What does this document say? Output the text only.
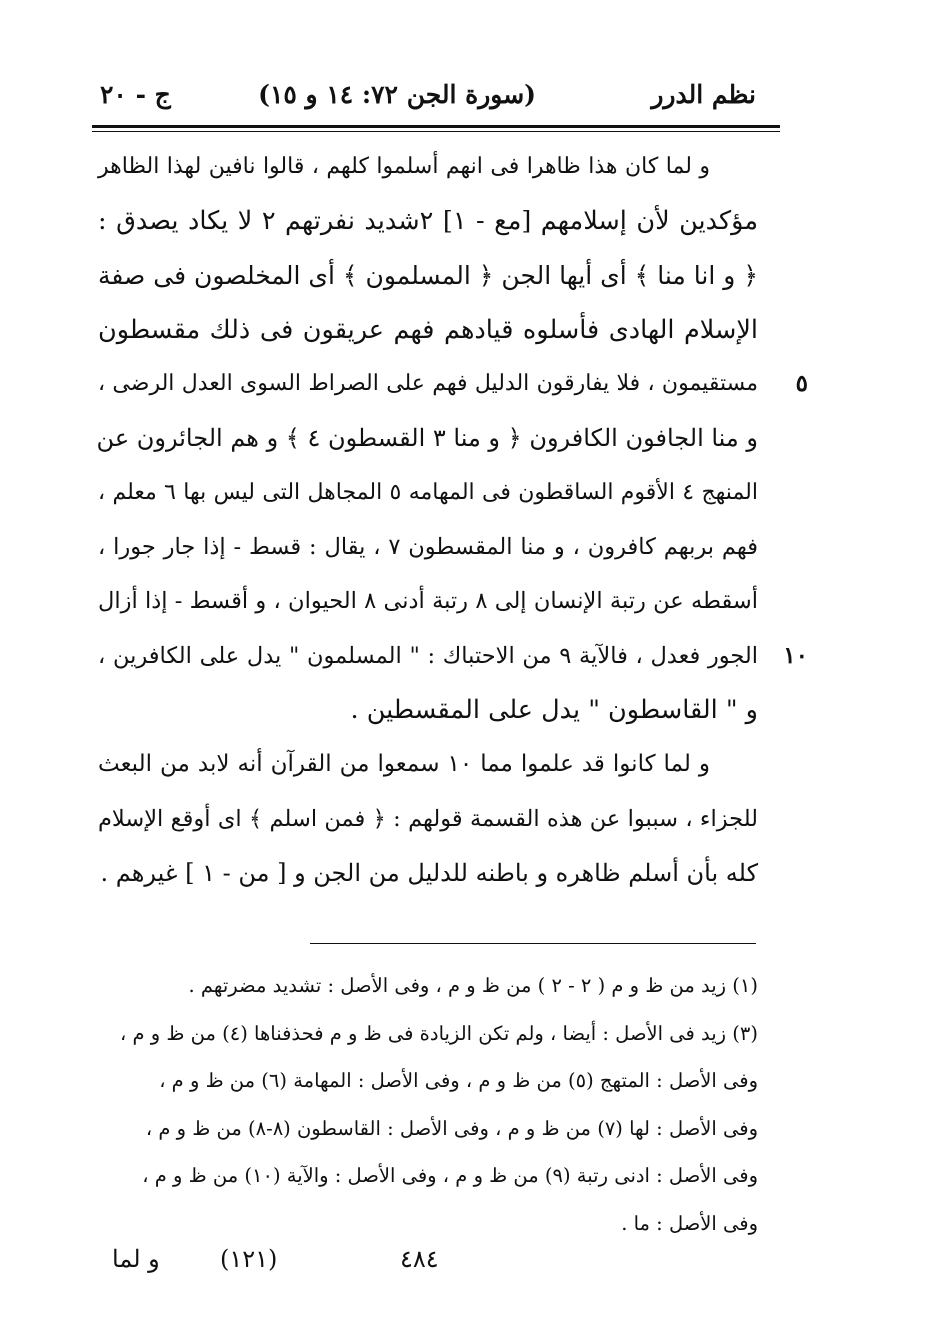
نظم الدرر
(سورة الجن ٧٢: ١٤ و ١٥)
ج - ٢٠
و لما كان هذا ظاهرا فى انهم أسلموا كلهم ، قالوا نافين لهذا الظاهر
مؤكدين لأن إسلامهم [مع - ١] ٢شديد نفرتهم ٢ لا يكاد يصدق :
﴿ و انا منا ﴾ أى أيها الجن ﴿ المسلمون ﴾ أى المخلصون فى صفة
الإسلام الهادى فأسلوه قيادهم فهم عريقون فى ذلك مقسطون
٥
مستقيمون ، فلا يفارقون الدليل فهم على الصراط السوى العدل الرضى ،
و منا الجافون الكافرون ﴿ و منا ٣ القسطون ٤ ﴾ و هم الجائرون عن
المنهج ٤ الأقوم الساقطون فى المهامه ٥ المجاهل التى ليس بها ٦ معلم ،
فهم بربهم كافرون ، و منا المقسطون ٧ ، يقال : قسط - إذا جار جورا ،
أسقطه عن رتبة الإنسان إلى ٨ رتبة أدنى ٨ الحيوان ، و أقسط - إذا أزال
١٠
الجور فعدل ، فالآية ٩ من الاحتباك : " المسلمون " يدل على الكافرين ،
و " القاسطون " يدل على المقسطين .
و لما كانوا قد علموا مما ١٠ سمعوا من القرآن أنه لابد من البعث
للجزاء ، سببوا عن هذه القسمة قولهم : ﴿ فمن اسلم ﴾ اى أوقع الإسلام
كله بأن أسلم ظاهره و باطنه للدليل من الجن و [ من - ١ ] غيرهم .
(١) زيد من ظ و م ( ٢ - ٢ ) من ظ و م ، وفى الأصل : تشديد مضرتهم .
(٣) زيد فى الأصل : أيضا ، ولم تكن الزيادة فى ظ و م فحذفناها (٤) من ظ و م ،
وفى الأصل : المتهج (٥) من ظ و م ، وفى الأصل : المهامة (٦) من ظ و م ،
وفى الأصل : لها (٧) من ظ و م ، وفى الأصل : القاسطون (٨-٨) من ظ و م ،
وفى الأصل : ادنى رتبة (٩) من ظ و م ، وفى الأصل : والآية (١٠) من ظ و م ،
وفى الأصل : ما .
٤٨٤
(١٢١)
و لما
